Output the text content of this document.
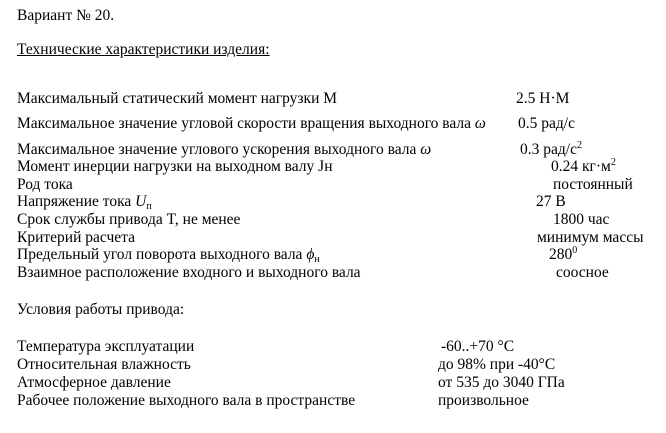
Вариант № 20.
Технические характеристики изделия:
Максимальный статический момент нагрузки М	2.5 Н·М
Максимальное значение угловой скорости вращения выходного вала ω 0.5 рад/с
Максимальное значение углового ускорения выходного вала ω	0.3 рад/$с^2$
Момент инерции нагрузки на выходном валу Jн	0.24 $кг\cdot м^2$
Род тока	постоянный
Напряжение тока $U_п$	27 В
Срок службы привода T, не менее	1800 час
Критерий расчета	минимум массы
Предельный угол поворота выходного вала $\phi_н$	$280^0$
Взаимное расположение входного и выходного вала	соосное
Условия работы привода:
Температура эксплуатации	-60..+70 °С
Относительная влажность	до 98% при -40°С
Атмосферное давление	от 535 до 3040 ГПа
Рабочее положение выходного вала в пространстве	произвольное
